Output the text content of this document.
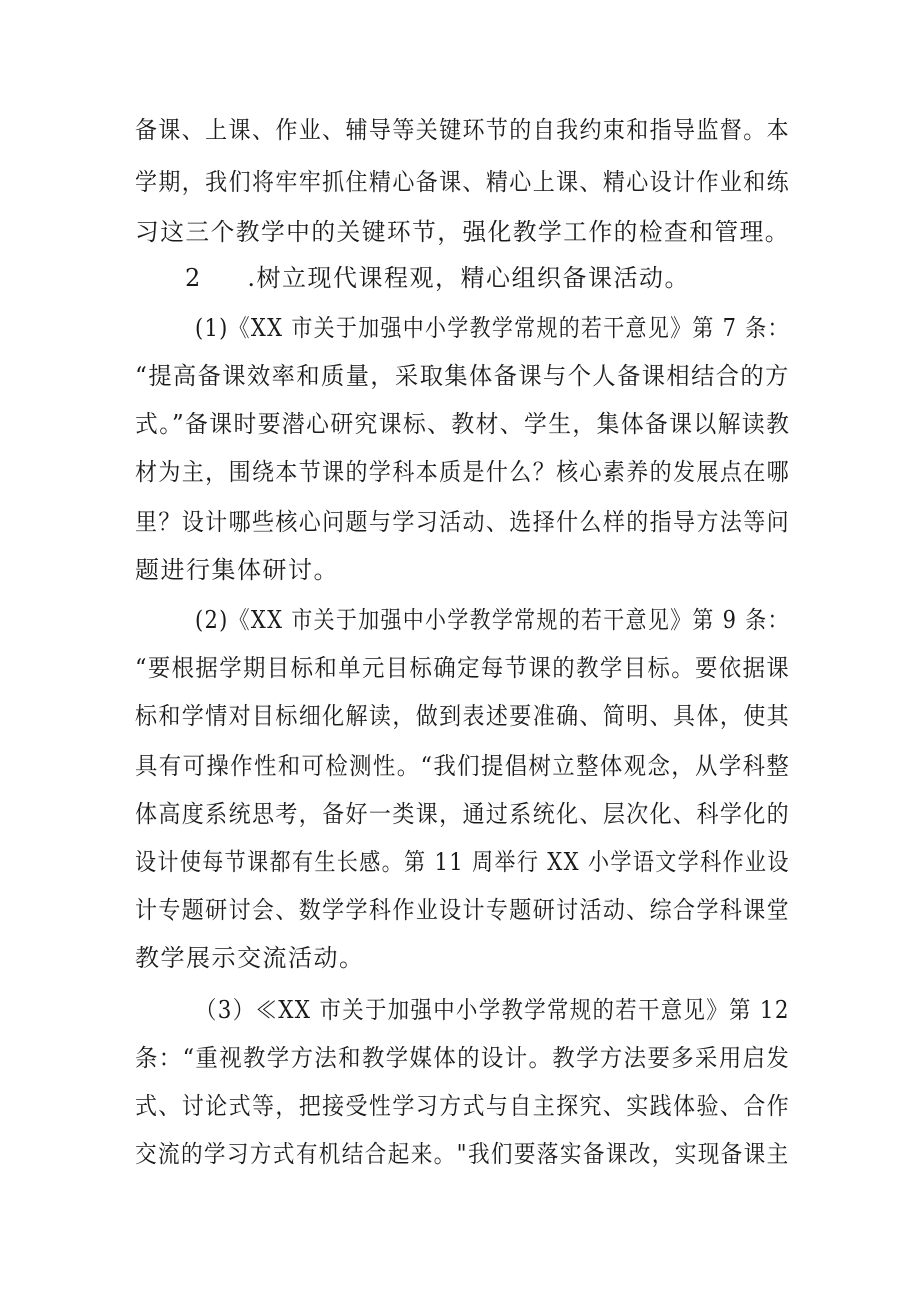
备课、上课、作业、辅导等关键环节的自我约束和指导监督。本
学期，我们将牢牢抓住精心备课、精心上课、精心设计作业和练
习这三个教学中的关键环节，强化教学工作的检查和管理。
2     .树立现代课程观，精心组织备课活动。
(1)《XX 市关于加强中小学教学常规的若干意见》第 7 条：
“提高备课效率和质量，采取集体备课与个人备课相结合的方
式。”备课时要潜心研究课标、教材、学生，集体备课以解读教
材为主，围绕本节课的学科本质是什么？核心素养的发展点在哪
里？设计哪些核心问题与学习活动、选择什么样的指导方法等问
题进行集体研讨。
(2)《XX 市关于加强中小学教学常规的若干意见》第 9 条：
“要根据学期目标和单元目标确定每节课的教学目标。要依据课
标和学情对目标细化解读，做到表述要准确、简明、具体，使其
具有可操作性和可检测性。“我们提倡树立整体观念，从学科整
体高度系统思考，备好一类课，通过系统化、层次化、科学化的
设计使每节课都有生长感。第 11 周举行 XX 小学语文学科作业设
计专题研讨会、数学学科作业设计专题研讨活动、综合学科课堂
教学展示交流活动。
（3）≪XX 市关于加强中小学教学常规的若干意见》第 12
条：“重视教学方法和教学媒体的设计。教学方法要多采用启发
式、讨论式等，把接受性学习方式与自主探究、实践体验、合作
交流的学习方式有机结合起来。"我们要落实备课改，实现备课主
